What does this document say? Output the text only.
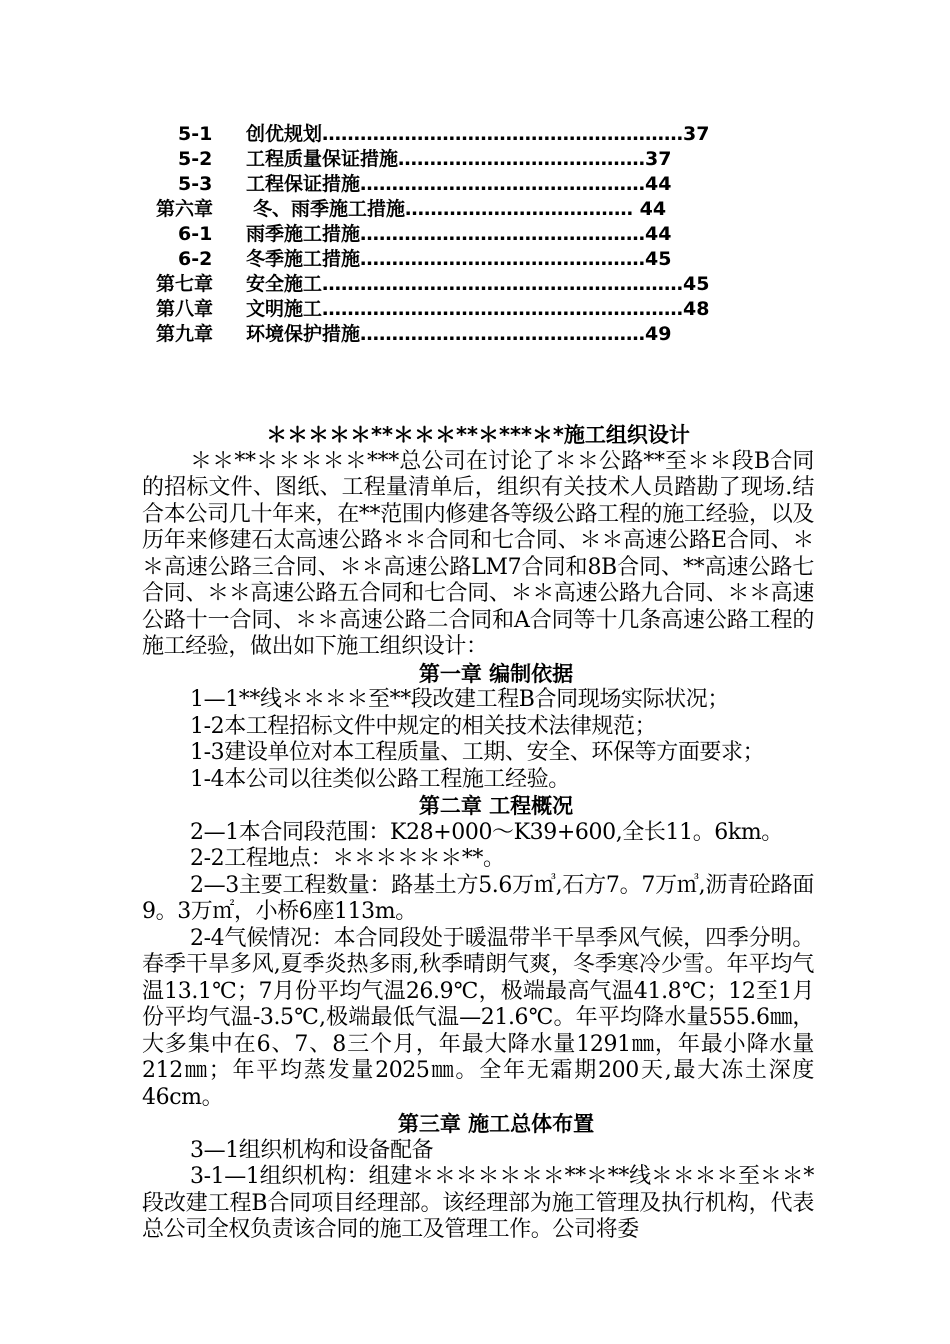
5-1 创优规划…………………………………………………37
5-2 工程质量保证措施…………………………………37
5-3 工程保证措施………………………………………44
第六章 冬、雨季施工措施……………………………… 44
6-1 雨季施工措施………………………………………44
6-2 冬季施工措施………………………………………45
第七章 安全施工…………………………………………………45
第八章 文明施工…………………………………………………48
第九章 环境保护措施………………………………………49
＊＊＊＊＊**＊＊＊**＊***＊*施工组织设计

＊＊**＊＊＊＊＊***总公司在讨论了＊＊公路**至＊＊段B合同的招标文件、图纸、工程量清单后，组织有关技术人员踏勘了现场.结合本公司几十年来，在**范围内修建各等级公路工程的施工经验，以及历年来修建石太高速公路＊＊合同和七合同、＊＊高速公路E合同、＊＊高速公路三合同、＊＊高速公路LM7合同和8B合同、**高速公路七合同、＊＊高速公路五合同和七合同、＊＊高速公路九合同、＊＊高速公路十一合同、＊＊高速公路二合同和A合同等十几条高速公路工程的施工经验，做出如下施工组织设计：

第一章 编制依据

1—1**线＊＊＊＊至**段改建工程B合同现场实际状况；

1-2本工程招标文件中规定的相关技术法律规范；

1-3建设单位对本工程质量、工期、安全、环保等方面要求；

1-4本公司以往类似公路工程施工经验。

第二章 工程概况

2—1本合同段范围：K28+000～K39+600,全长11。6km。

2-2工程地点：＊＊＊＊＊＊**。

2—3主要工程数量：路基土方5.6万㎥,石方7。7万㎥,沥青砼路面9。3万㎡，小桥6座113m。

2-4气候情况：本合同段处于暖温带半干旱季风气候，四季分明。春季干旱多风,夏季炎热多雨,秋季晴朗气爽，冬季寒冷少雪。年平均气温13.1℃；7月份平均气温26.9℃，极端最高气温41.8℃；12至1月份平均气温-3.5℃,极端最低气温—21.6℃。年平均降水量555.6㎜，大多集中在6、7、8三个月，年最大降水量1291㎜，年最小降水量212㎜；年平均蒸发量2025㎜。全年无霜期200天,最大冻土深度46cm。

第三章 施工总体布置

3—1组织机构和设备配备

3-1—1组织机构：组建＊＊＊＊＊＊＊**＊**线＊＊＊＊至＊＊*段改建工程B合同项目经理部。该经理部为施工管理及执行机构，代表总公司全权负责该合同的施工及管理工作。公司将委
